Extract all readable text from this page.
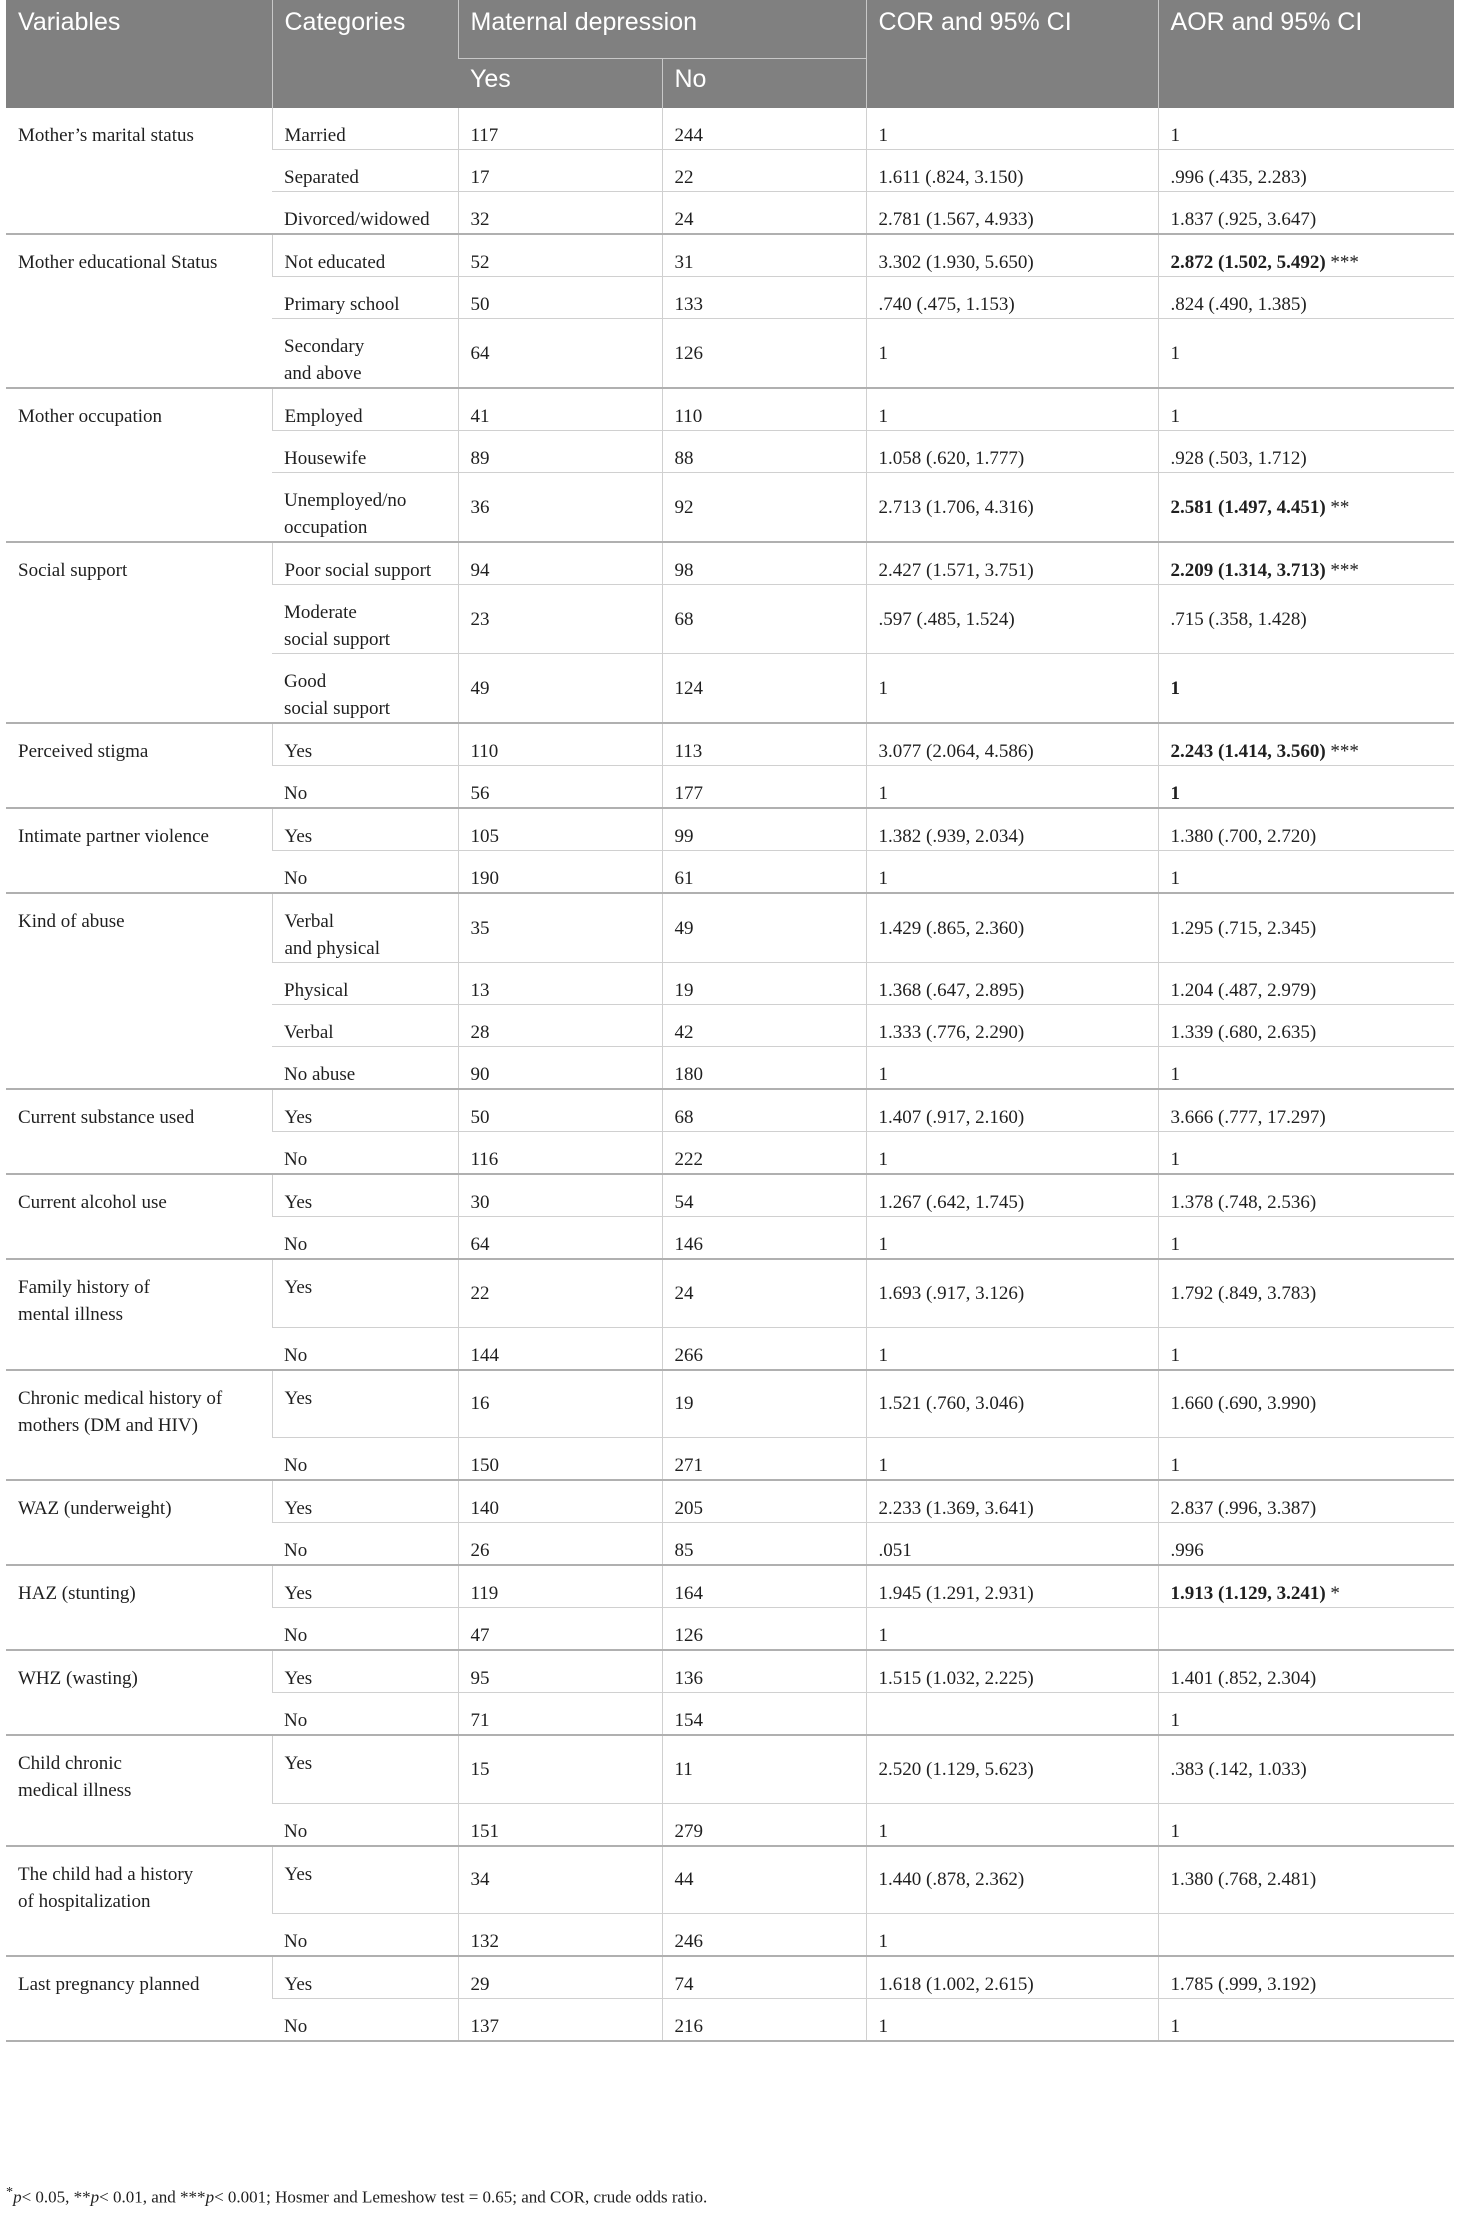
Variables	Categories	Maternal depression		COR and 95% CI	AOR and 95% CI
		Yes	No		
Mother’s marital status	Married	117	244	1	1
	Separated	17	22	1.611 (.824, 3.150)	.996 (.435, 2.283)
	Divorced/widowed	32	24	2.781 (1.567, 4.933)	1.837 (.925, 3.647)
Mother educational Status	Not educated	52	31	3.302 (1.930, 5.650)	2.872 (1.502, 5.492) ***
	Primary school	50	133	.740 (.475, 1.153)	.824 (.490, 1.385)
	Secondary
and above	64	126	1	1
Mother occupation	Employed	41	110	1	1
	Housewife	89	88	1.058 (.620, 1.777)	.928 (.503, 1.712)
	Unemployed/no
occupation	36	92	2.713 (1.706, 4.316)	2.581 (1.497, 4.451) **
Social support	Poor social support	94	98	2.427 (1.571, 3.751)	2.209 (1.314, 3.713) ***
	Moderate
social support	23	68	.597 (.485, 1.524)	.715 (.358, 1.428)
	Good
social support	49	124	1	1
Perceived stigma	Yes	110	113	3.077 (2.064, 4.586)	2.243 (1.414, 3.560) ***
	No	56	177	1	1
Intimate partner violence	Yes	105	99	1.382 (.939, 2.034)	1.380 (.700, 2.720)
	No	190	61	1	1
Kind of abuse	Verbal
and physical	35	49	1.429 (.865, 2.360)	1.295 (.715, 2.345)
	Physical	13	19	1.368 (.647, 2.895)	1.204 (.487, 2.979)
	Verbal	28	42	1.333 (.776, 2.290)	1.339 (.680, 2.635)
	No abuse	90	180	1	1
Current substance used	Yes	50	68	1.407 (.917, 2.160)	3.666 (.777, 17.297)
	No	116	222	1	1
Current alcohol use	Yes	30	54	1.267 (.642, 1.745)	1.378 (.748, 2.536)
	No	64	146	1	1
Family history of
mental illness	Yes	22	24	1.693 (.917, 3.126)	1.792 (.849, 3.783)
	No	144	266	1	1
Chronic medical history of
mothers (DM and HIV)	Yes	16	19	1.521 (.760, 3.046)	1.660 (.690, 3.990)
	No	150	271	1	1
WAZ (underweight)	Yes	140	205	2.233 (1.369, 3.641)	2.837 (.996, 3.387)
	No	26	85	.051	.996
HAZ (stunting)	Yes	119	164	1.945 (1.291, 2.931)	1.913 (1.129, 3.241) *
	No	47	126	1	
WHZ (wasting)	Yes	95	136	1.515 (1.032, 2.225)	1.401 (.852, 2.304)
	No	71	154		1
Child chronic
medical illness	Yes	15	11	2.520 (1.129, 5.623)	.383 (.142, 1.033)
	No	151	279	1	1
The child had a history
of hospitalization	Yes	34	44	1.440 (.878, 2.362)	1.380 (.768, 2.481)
	No	132	246	1	
Last pregnancy planned	Yes	29	74	1.618 (1.002, 2.615)	1.785 (.999, 3.192)
	No	137	216	1	1
*p< 0.05, **p< 0.01, and ***p< 0.001; Hosmer and Lemeshow test = 0.65; and COR, crude odds ratio.
